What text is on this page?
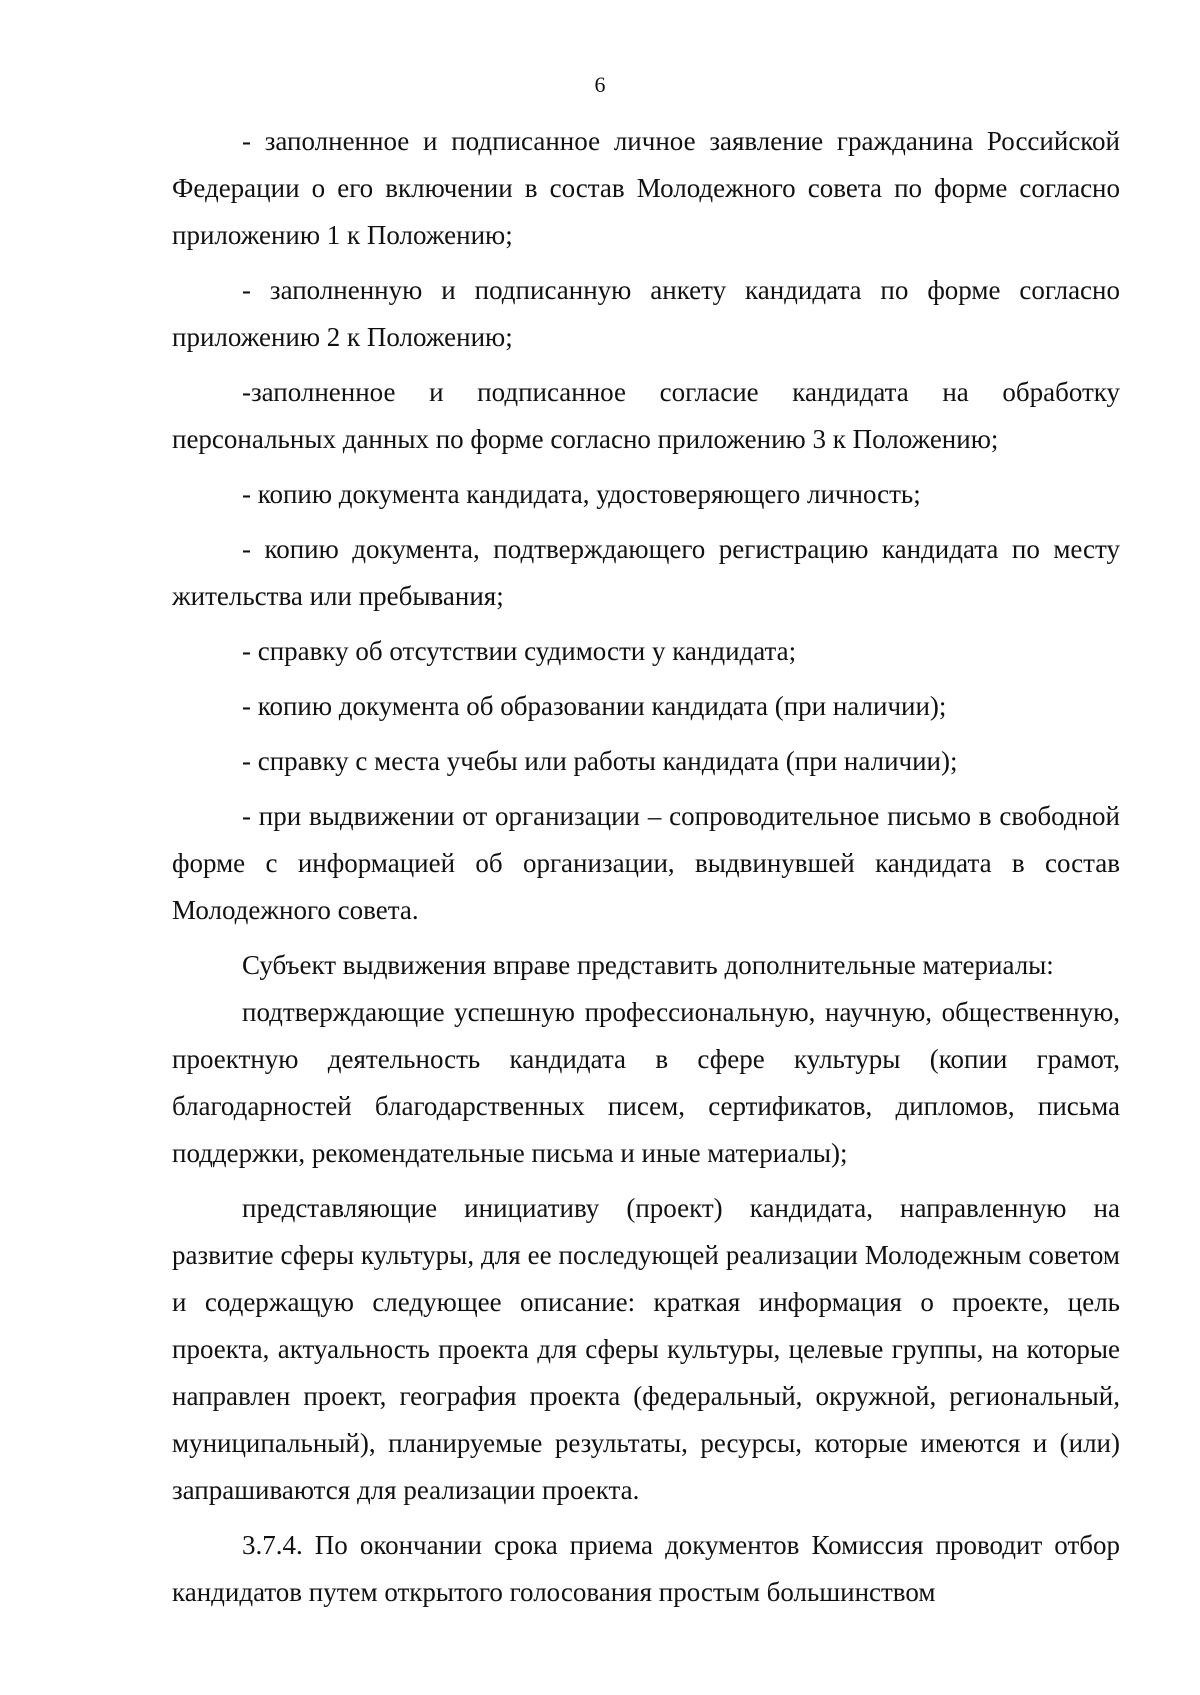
6

- заполненное и подписанное личное заявление гражданина Российской Федерации о его включении в состав Молодежного совета по форме согласно приложению 1 к Положению;

- заполненную и подписанную анкету кандидата по форме согласно приложению 2 к Положению;

-заполненное и подписанное согласие кандидата на обработку персональных данных по форме согласно приложению 3 к Положению;

- копию документа кандидата, удостоверяющего личность;

- копию документа, подтверждающего регистрацию кандидата по месту жительства или пребывания;

- справку об отсутствии судимости у кандидата;

- копию документа об образовании кандидата (при наличии);

- справку с места учебы или работы кандидата (при наличии);

- при выдвижении от организации – сопроводительное письмо в свободной форме с информацией об организации, выдвинувшей кандидата в состав Молодежного совета.

Субъект выдвижения вправе представить дополнительные материалы:

подтверждающие успешную профессиональную, научную, общественную, проектную деятельность кандидата в сфере культуры (копии грамот, благодарностей благодарственных писем, сертификатов, дипломов, письма поддержки, рекомендательные письма и иные материалы);

представляющие инициативу (проект) кандидата, направленную на развитие сферы культуры, для ее последующей реализации Молодежным советом и содержащую следующее описание: краткая информация о проекте, цель проекта, актуальность проекта для сферы культуры, целевые группы, на которые направлен проект, география проекта (федеральный, окружной, региональный, муниципальный), планируемые результаты, ресурсы, которые имеются и (или) запрашиваются для реализации проекта.

3.7.4. По окончании срока приема документов Комиссия проводит отбор кандидатов путем открытого голосования простым большинством
